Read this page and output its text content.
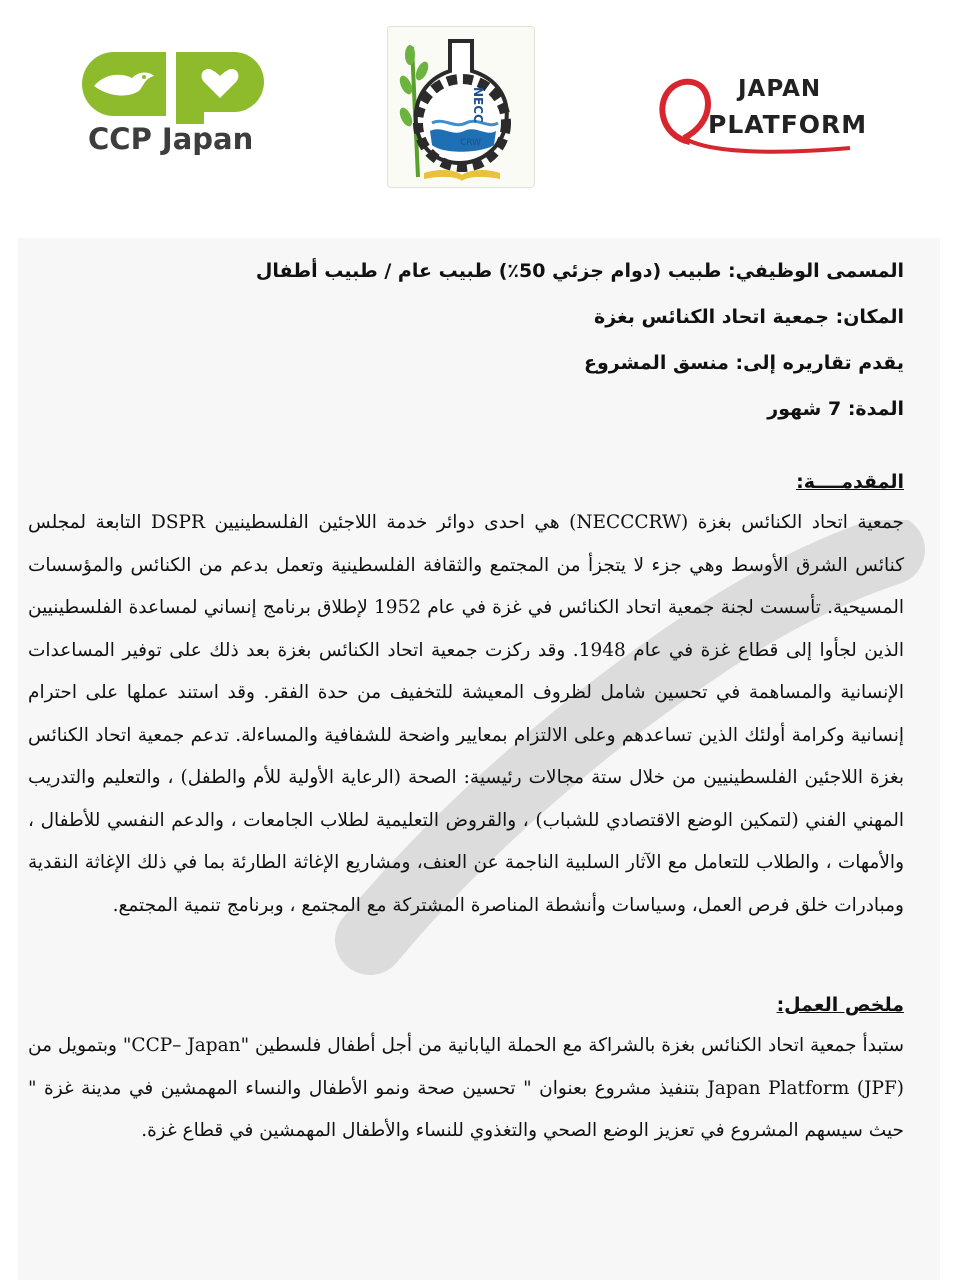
CCP Japan
NECC
CRW
JAPAN
PLATFORM

المسمى الوظيفي: طبيب (دوام جزئي 50٪) طبيب عام / طبيب أطفال

المكان: جمعية اتحاد الكنائس بغزة

يقدم تقاريره إلى: منسق المشروع

المدة: 7 شهور

المقدمــــة:

جمعية اتحاد الكنائس بغزة (NECCCRW) هي احدى دوائر خدمة اللاجئين الفلسطينيين DSPR التابعة لمجلس كنائس الشرق الأوسط وهي جزء لا يتجزأ من المجتمع والثقافة الفلسطينية وتعمل بدعم من الكنائس والمؤسسات المسيحية. تأسست لجنة جمعية اتحاد الكنائس في غزة في عام 1952 لإطلاق برنامج إنساني لمساعدة الفلسطينيين الذين لجأوا إلى قطاع غزة في عام 1948. وقد ركزت جمعية اتحاد الكنائس بغزة بعد ذلك على توفير المساعدات الإنسانية والمساهمة في تحسين شامل لظروف المعيشة للتخفيف من حدة الفقر. وقد استند عملها على احترام إنسانية وكرامة أولئك الذين تساعدهم وعلى الالتزام بمعايير واضحة للشفافية والمساءلة. تدعم جمعية اتحاد الكنائس بغزة اللاجئين الفلسطينيين من خلال ستة مجالات رئيسية: الصحة (الرعاية الأولية للأم والطفل) ، والتعليم والتدريب المهني الفني (لتمكين الوضع الاقتصادي للشباب) ، والقروض التعليمية لطلاب الجامعات ، والدعم النفسي للأطفال ، والأمهات ، والطلاب للتعامل مع الآثار السلبية الناجمة عن العنف، ومشاريع الإغاثة الطارئة بما في ذلك الإغاثة النقدية ومبادرات خلق فرص العمل، وسياسات وأنشطة المناصرة المشتركة مع المجتمع ، وبرنامج تنمية المجتمع.

ملخص العمل:

ستبدأ جمعية اتحاد الكنائس بغزة بالشراكة مع الحملة اليابانية من أجل أطفال فلسطين "CCP– Japan" وبتمويل من Japan Platform (JPF) بتنفيذ مشروع بعنوان " تحسين صحة ونمو الأطفال والنساء المهمشين في مدينة غزة " حيث سيسهم المشروع في تعزيز الوضع الصحي والتغذوي للنساء والأطفال المهمشين في قطاع غزة.
